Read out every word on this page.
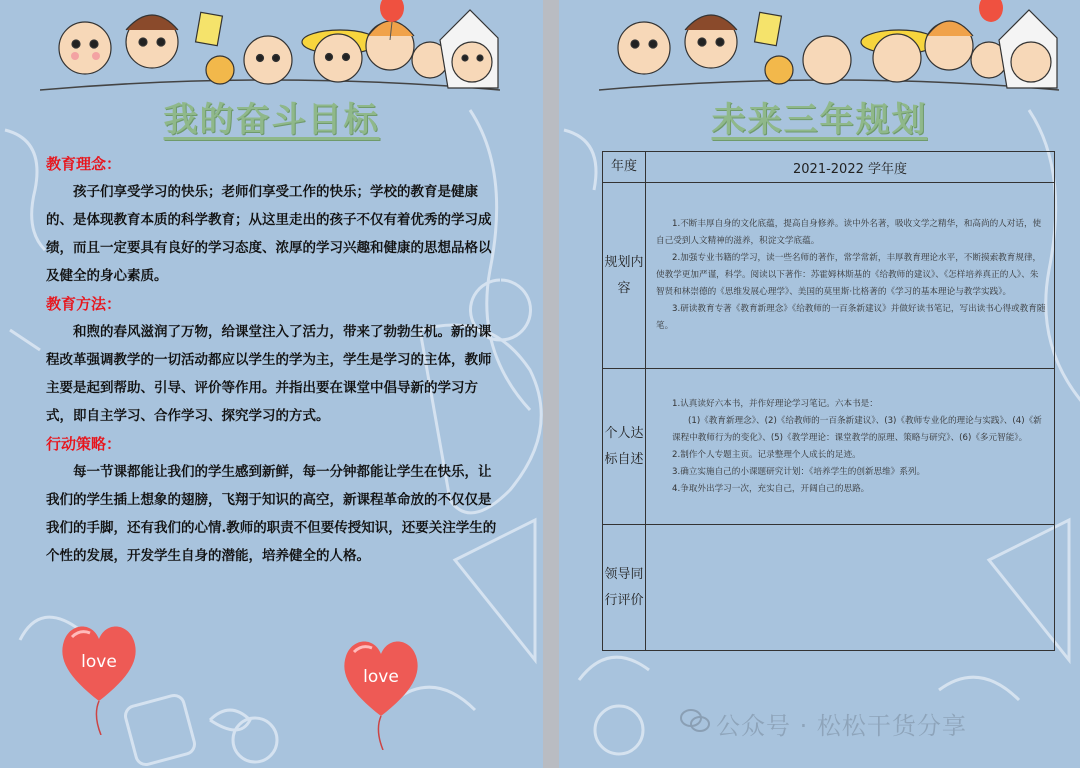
我的奋斗目标
教育理念：
孩子们享受学习的快乐；老师们享受工作的快乐；学校的教育是健康的、是体现教育本质的科学教育；从这里走出的孩子不仅有着优秀的学习成绩，而且一定要具有良好的学习态度、浓厚的学习兴趣和健康的思想品格以及健全的身心素质。
教育方法：
和煦的春风滋润了万物，给课堂注入了活力，带来了勃勃生机。新的课程改革强调教学的一切活动都应以学生的学为主，学生是学习的主体，教师主要是起到帮助、引导、评价等作用。并指出要在课堂中倡导新的学习方式，即自主学习、合作学习、探究学习的方式。
行动策略：
每一节课都能让我们的学生感到新鲜，每一分钟都能让学生在快乐，让我们的学生插上想象的翅膀，飞翔于知识的高空，新课程革命放的不仅仅是我们的手脚，还有我们的心情.教师的职责不但要传授知识，还要关注学生的个性的发展，开发学生自身的潜能，培养健全的人格。
love
love
未来三年规划
年度	2021-2022 学年度
规划内容	1.不断丰厚自身的文化底蕴，提高自身修养。读中外名著，吸收文学之精华，和高尚的人对话，使自己受到人文精神的滋养，积淀文学底蕴。

2.加强专业书籍的学习，读一些名师的著作，常学常新，丰厚教育理论水平，不断摸索教育规律，使教学更加严谨，科学。阅读以下著作：苏霍姆林斯基的《给教师的建议》、《怎样培养真正的人》、朱智贤和林崇德的《思维发展心理学》、美国的莫里斯·比格著的《学习的基本理论与教学实践》。

3.研读教育专著《教育新理念》《给教师的一百条新建议》并做好读书笔记，写出读书心得或教育随笔。

个人达标自述	1.认真读好六本书，并作好理论学习笔记。六本书是：

(1)《教育新理念》、(2)《给教师的一百条新建议》、(3)《教师专业化的理论与实践》、(4)《新课程中教师行为的变化》、(5)《教学理论：课堂教学的原理、策略与研究》、(6)《多元智能》。

2.制作个人专题主页。记录整理个人成长的足迹。

3.确立实施自己的小课题研究计划：《培养学生的创新思维》系列。

4.争取外出学习一次，充实自己，开阔自己的思路。

领导同行评价	
公众号 · 松松干货分享
